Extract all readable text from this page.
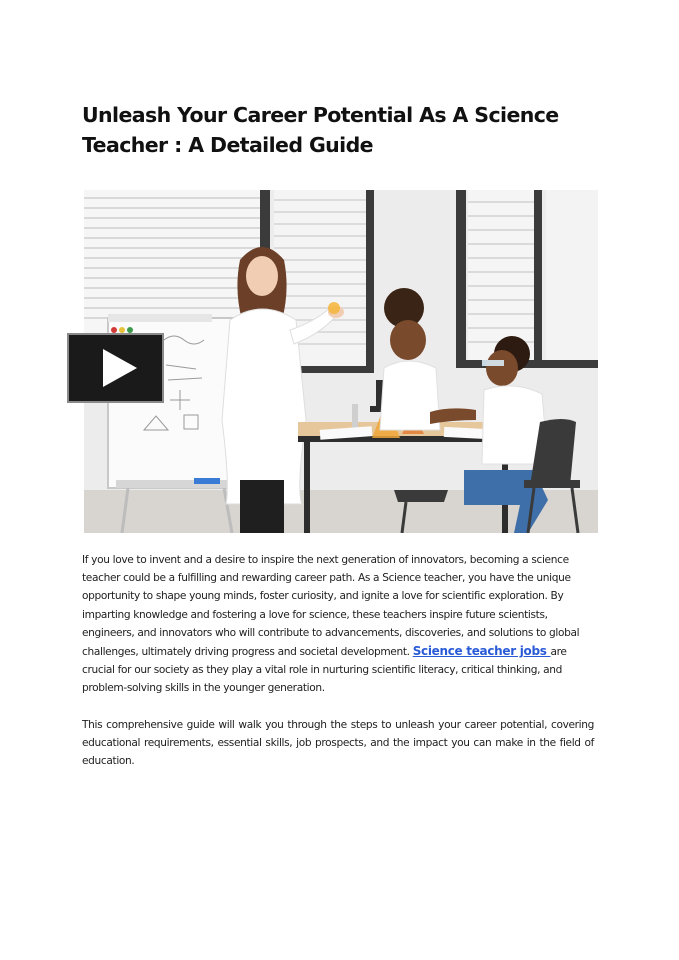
Unleash Your Career Potential As A Science Teacher : A Detailed Guide

If you love to invent and a desire to inspire the next generation of innovators, becoming a science teacher could be a fulfilling and rewarding career path. As a Science teacher, you have the unique opportunity to shape young minds, foster curiosity, and ignite a love for scientific exploration. By imparting knowledge and fostering a love for science, these teachers inspire future scientists, engineers, and innovators who will contribute to advancements, discoveries, and solutions to global challenges, ultimately driving progress and societal development. Science teacher jobs are crucial for our society as they play a vital role in nurturing scientific literacy, critical thinking, and problem-solving skills in the younger generation.

This comprehensive guide will walk you through the steps to unleash your career potential, covering educational requirements, essential skills, job prospects, and the impact you can make in the field of education.
